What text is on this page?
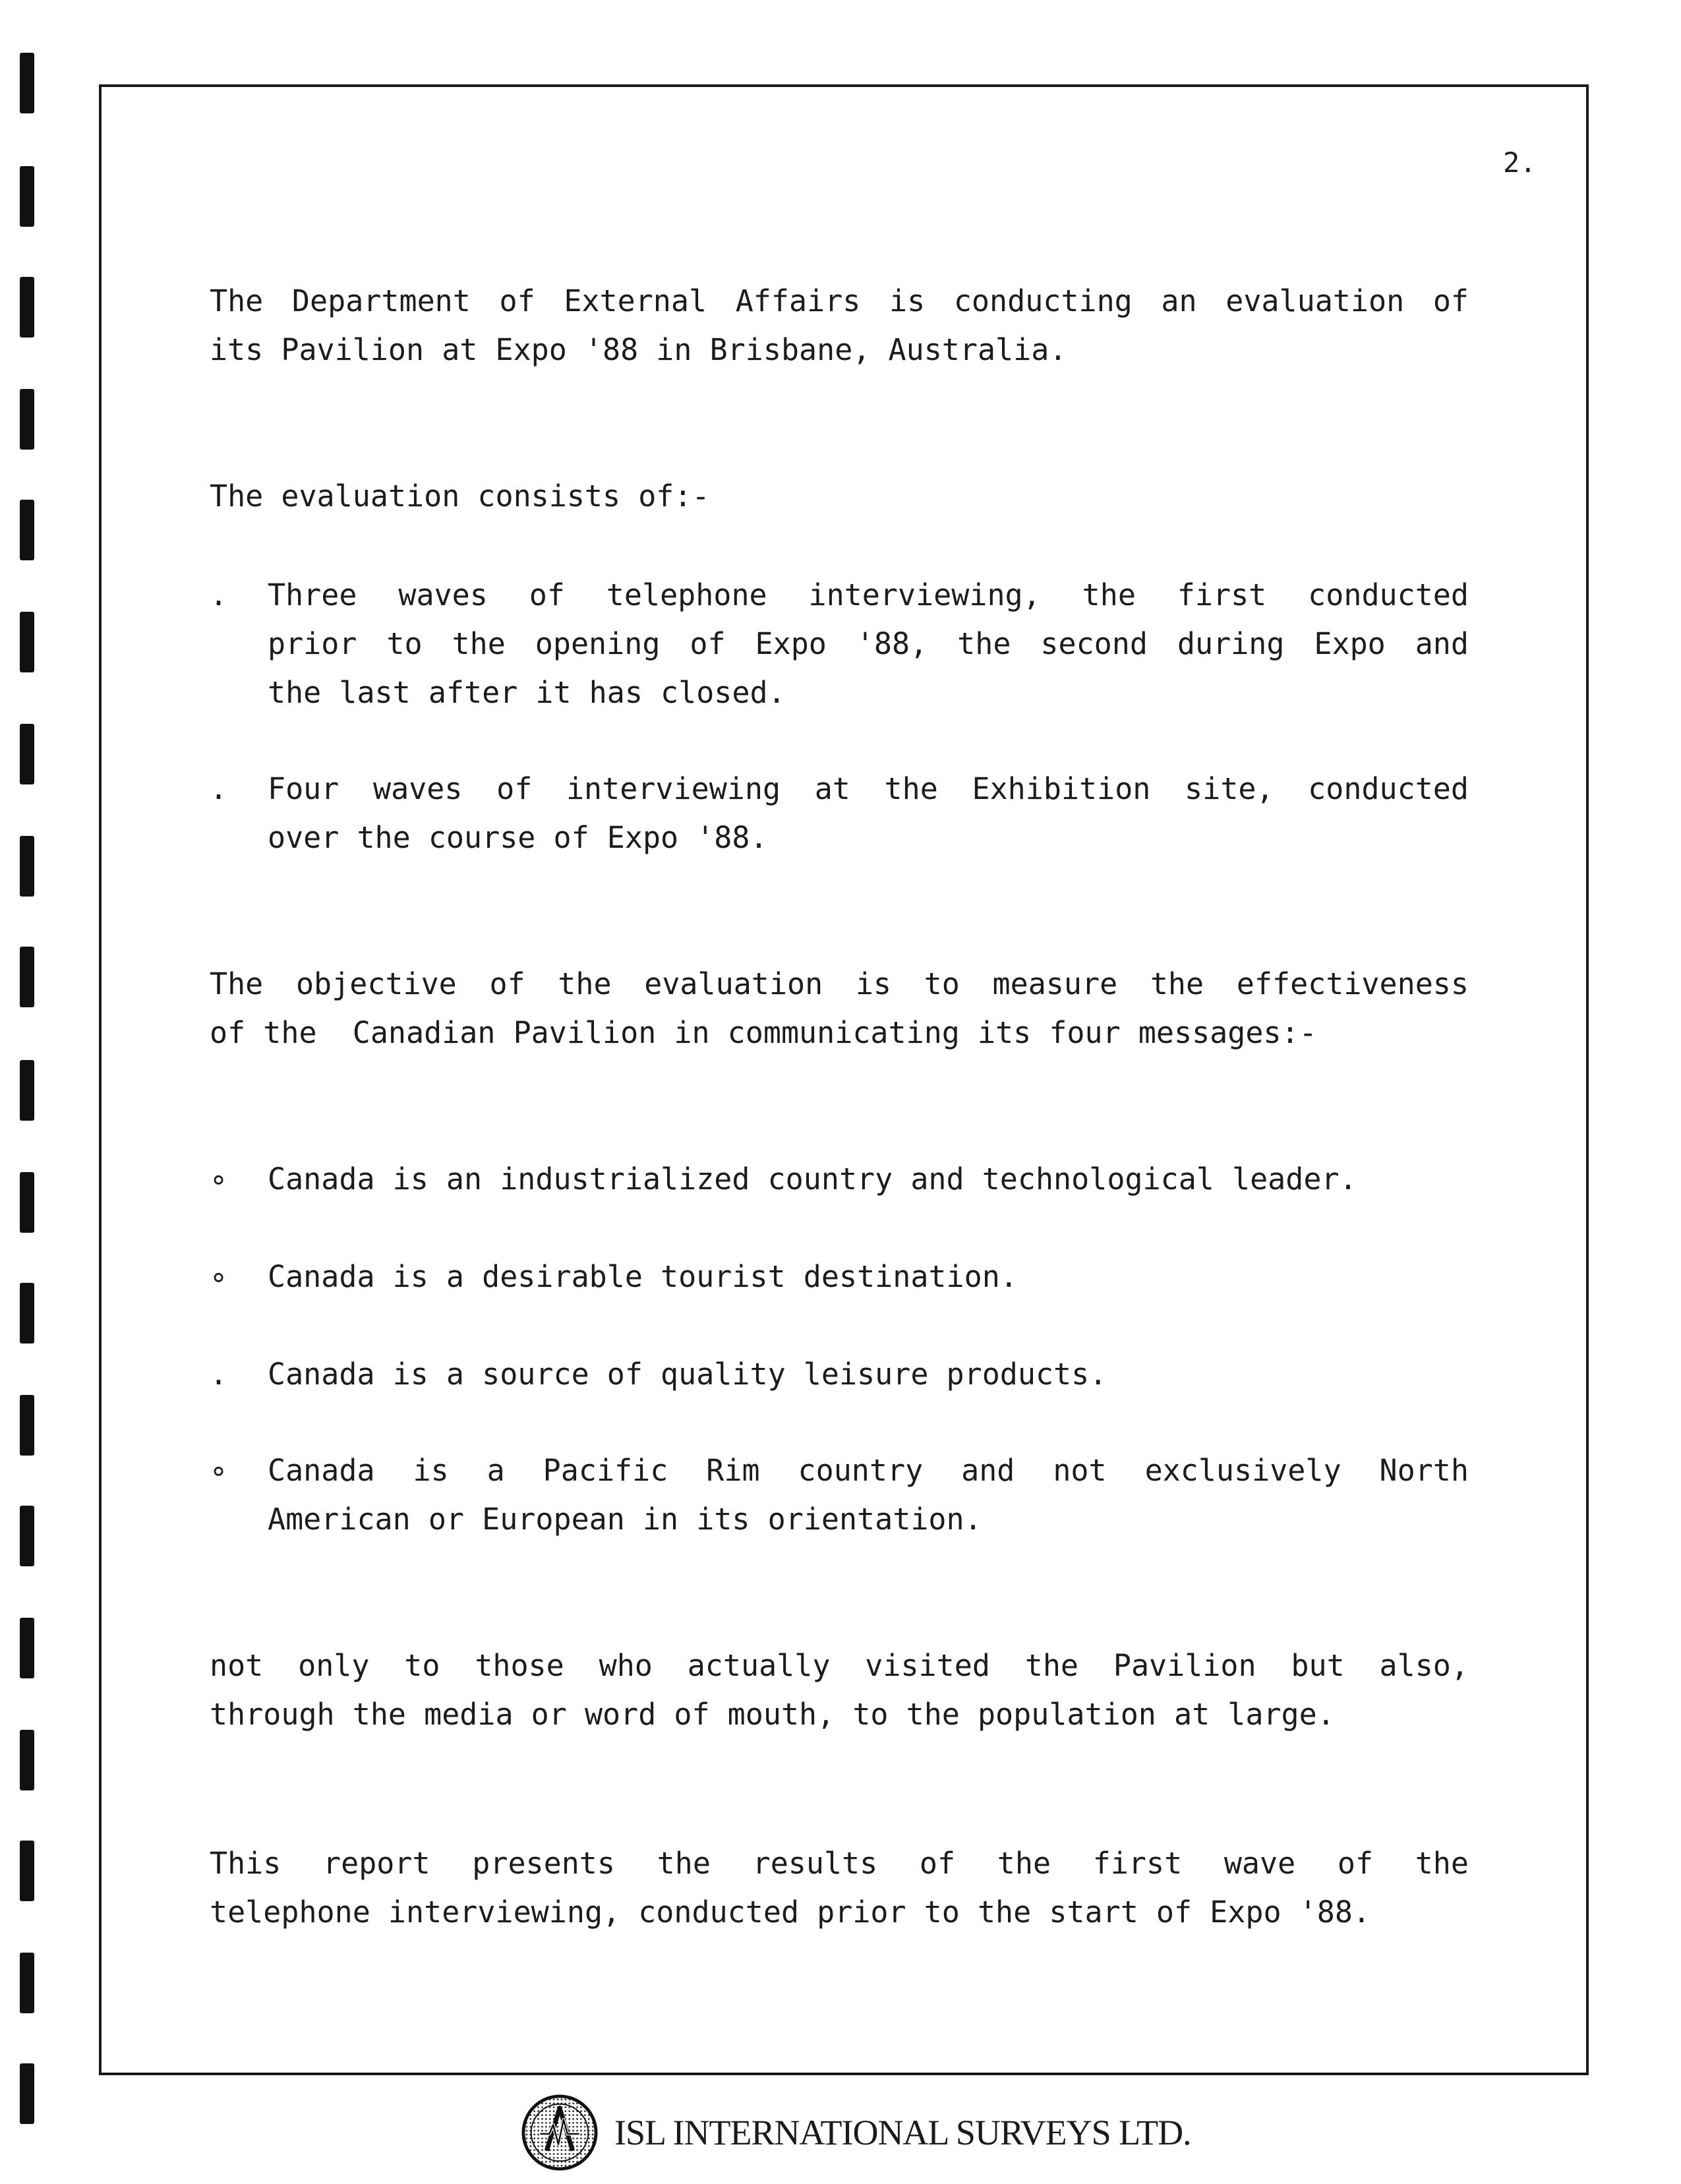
2.

The Department of External Affairs is conducting an evaluation of

its Pavilion at Expo '88 in Brisbane, Australia.

The evaluation consists of:-

. Three waves of telephone interviewing, the first conducted

prior to the opening of Expo '88, the second during Expo and

the last after it has closed.

. Four waves of interviewing at the Exhibition site, conducted

over the course of Expo '88.

The objective of the evaluation is to measure the effectiveness

of the  Canadian Pavilion in communicating its four messages:-

∘ Canada is an industrialized country and technological leader.

∘ Canada is a desirable tourist destination.

. Canada is a source of quality leisure products.

∘ Canada is a Pacific Rim country and not exclusively North

American or European in its orientation.

not only to those who actually visited the Pavilion but also,

through the media or word of mouth, to the population at large.

This report presents the results of the first wave of the

telephone interviewing, conducted prior to the start of Expo '88.

ISL INTERNATIONAL SURVEYS LTD.
